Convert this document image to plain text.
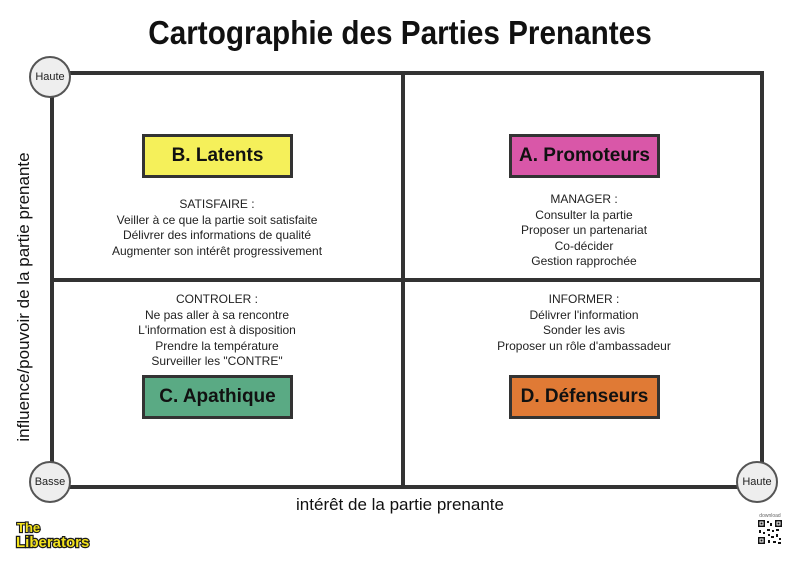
Cartographie des Parties Prenantes
Haute
Basse	Haute
influence/pouvoir de la partie prenante
intérêt de la partie prenante
B. Latents
SATISFAIRE :
Veiller à ce que la partie soit satisfaite
Délivrer des informations de qualité
Augmenter son intérêt progressivement
A. Promoteurs
MANAGER :
Consulter la partie
Proposer un partenariat
Co-décider
Gestion rapprochée
CONTROLER :
Ne pas aller à sa rencontre
L'information est à disposition
Prendre la température
Surveiller les "CONTRE"
C. Apathique
INFORMER :
Délivrer l'information
Sonder les avis
Proposer un rôle d'ambassadeur
D. Défenseurs
The
Liberators
download
